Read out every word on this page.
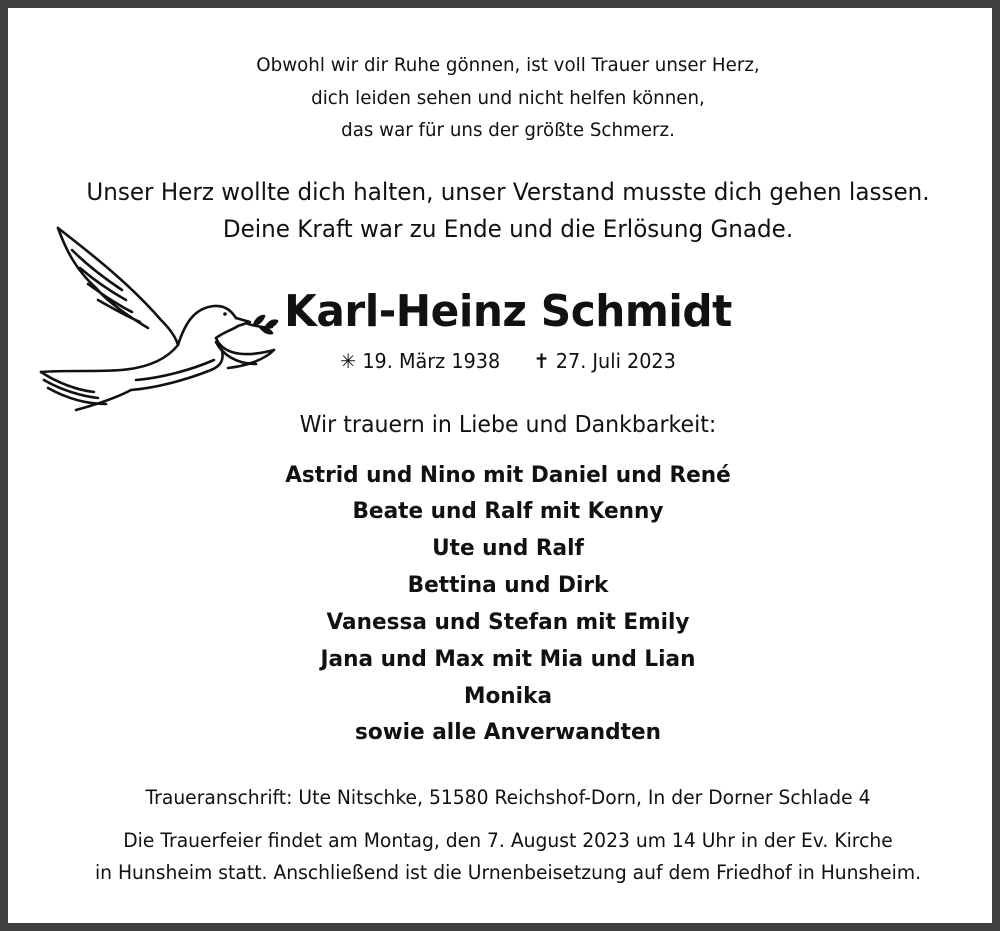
Obwohl wir dir Ruhe gönnen, ist voll Trauer unser Herz,
dich leiden sehen und nicht helfen können,
das war für uns der größte Schmerz.
Unser Herz wollte dich halten, unser Verstand musste dich gehen lassen.
Deine Kraft war zu Ende und die Erlösung Gnade.
Karl-Heinz Schmidt
✳ 19. März 1938 ✝ 27. Juli 2023
Wir trauern in Liebe und Dankbarkeit:
Astrid und Nino mit Daniel und René
Beate und Ralf mit Kenny
Ute und Ralf
Bettina und Dirk
Vanessa und Stefan mit Emily
Jana und Max mit Mia und Lian
Monika
sowie alle Anverwandten
Traueranschrift: Ute Nitschke, 51580 Reichshof-Dorn, In der Dorner Schlade 4
Die Trauerfeier findet am Montag, den 7. August 2023 um 14 Uhr in der Ev. Kirche
in Hunsheim statt. Anschließend ist die Urnenbeisetzung auf dem Friedhof in Hunsheim.
